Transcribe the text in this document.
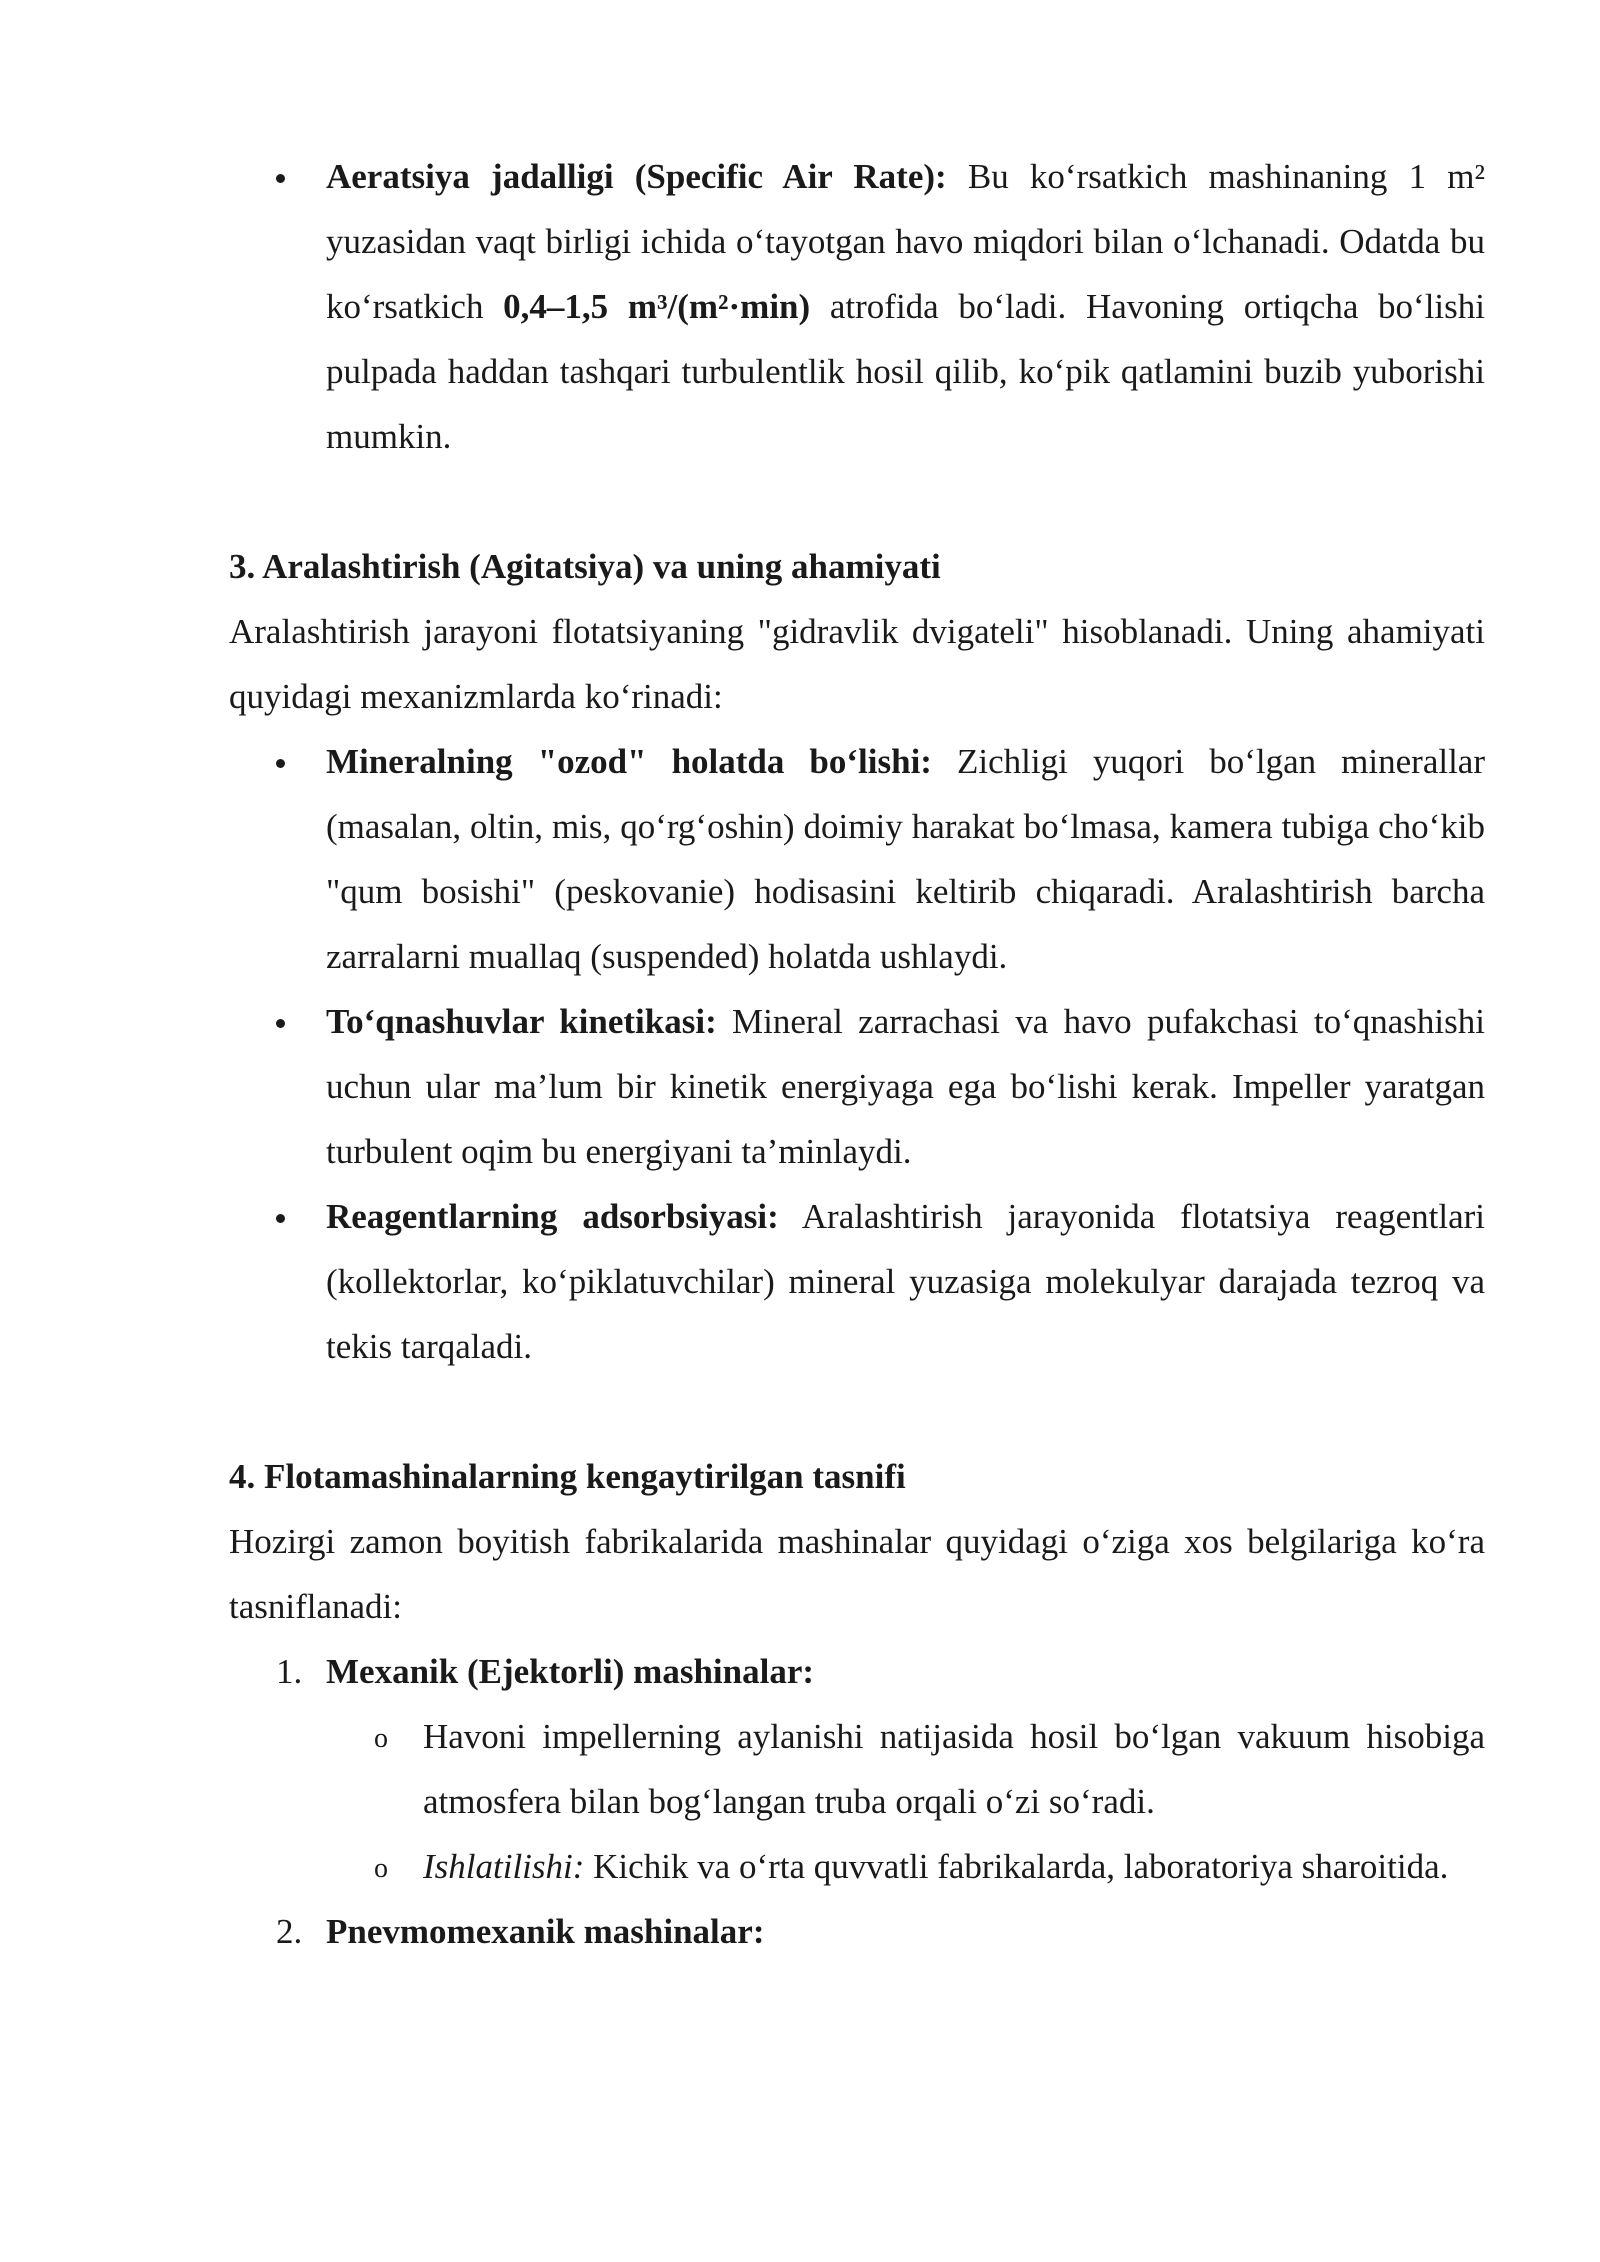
Aeratsiya jadalligi (Specific Air Rate): Bu ko‘rsatkich mashinaning 1 m² yuzasidan vaqt birligi ichida o‘tayotgan havo miqdori bilan o‘lchanadi. Odatda bu ko‘rsatkich 0,4–1,5 m³/(m²·min) atrofida bo‘ladi. Havoning ortiqcha bo‘lishi pulpada haddan tashqari turbulentlik hosil qilib, ko‘pik qatlamini buzib yuborishi mumkin.

3. Aralashtirish (Agitatsiya) va uning ahamiyati

Aralashtirish jarayoni flotatsiyaning "gidravlik dvigateli" hisoblanadi. Uning ahamiyati quyidagi mexanizmlarda ko‘rinadi:

Mineralning "ozod" holatda bo‘lishi: Zichligi yuqori bo‘lgan minerallar (masalan, oltin, mis, qo‘rg‘oshin) doimiy harakat bo‘lmasa, kamera tubiga cho‘kib "qum bosishi" (peskovanie) hodisasini keltirib chiqaradi. Aralashtirish barcha zarralarni muallaq (suspended) holatda ushlaydi.
To‘qnashuvlar kinetikasi: Mineral zarrachasi va havo pufakchasi to‘qnashishi uchun ular ma’lum bir kinetik energiyaga ega bo‘lishi kerak. Impeller yaratgan turbulent oqim bu energiyani ta’minlaydi.
Reagentlarning adsorbsiyasi: Aralashtirish jarayonida flotatsiya reagentlari (kollektorlar, ko‘piklatuvchilar) mineral yuzasiga molekulyar darajada tezroq va tekis tarqaladi.

4. Flotamashinalarning kengaytirilgan tasnifi

Hozirgi zamon boyitish fabrikalarida mashinalar quyidagi o‘ziga xos belgilariga ko‘ra tasniflanadi:

1. Mexanik (Ejektorli) mashinalar:
o Havoni impellerning aylanishi natijasida hosil bo‘lgan vakuum hisobiga atmosfera bilan bog‘langan truba orqali o‘zi so‘radi.
o Ishlatilishi: Kichik va o‘rta quvvatli fabrikalarda, laboratoriya sharoitida.
2. Pnevmomexanik mashinalar:
